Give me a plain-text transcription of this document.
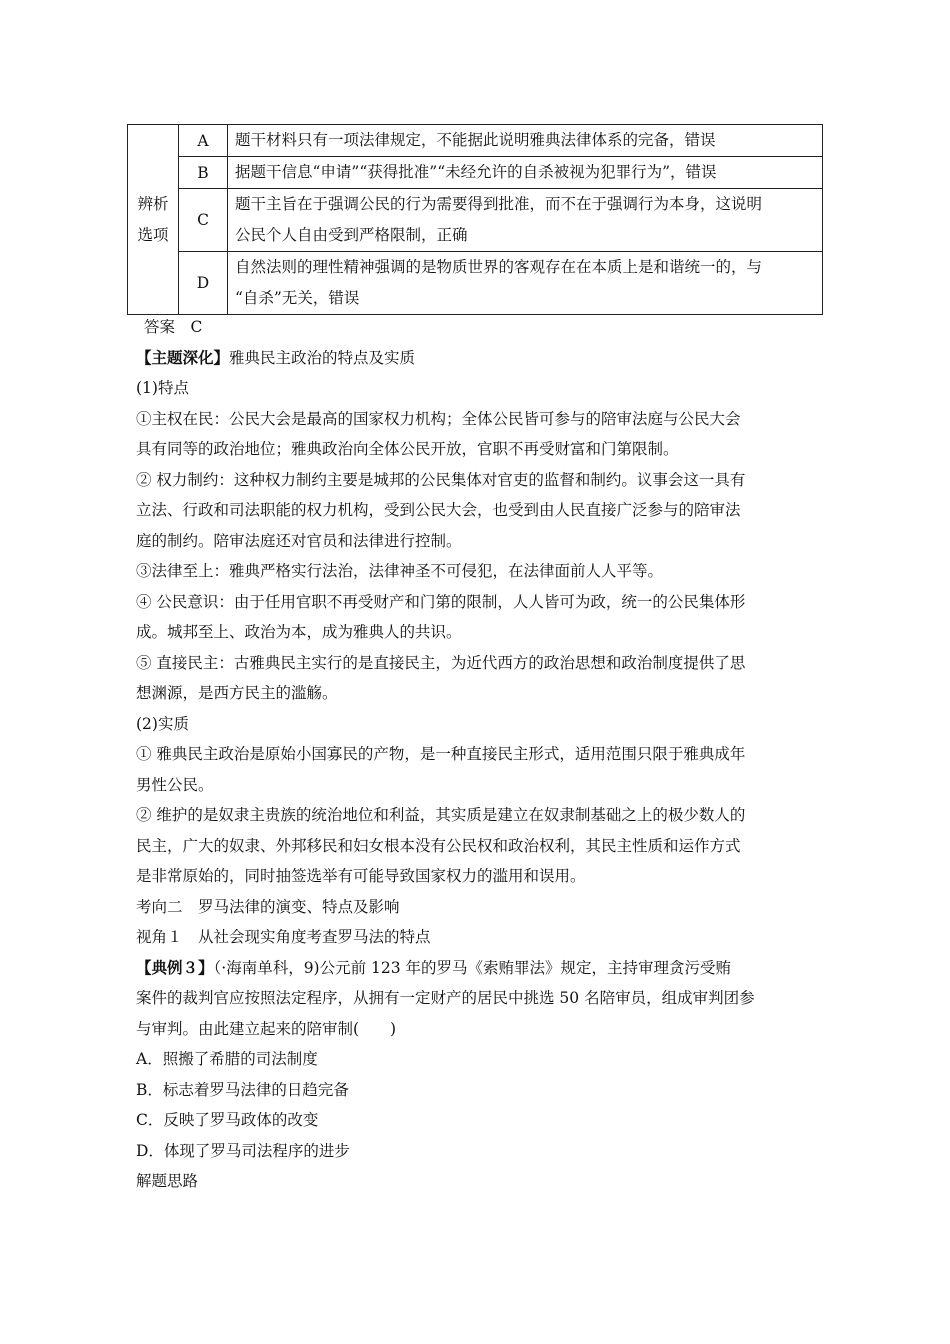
辨析
选项	A	题干材料只有一项法律规定，不能据此说明雅典法律体系的完备，错误

	B	据题干信息“申请”“获得批准”“未经允许的自杀被视为犯罪行为”，错误

	C	题干主旨在于强调公民的行为需要得到批准，而不在于强调行为本身，这说明
公民个人自由受到严格限制，正确

	D	自然法则的理性精神强调的是物质世界的客观存在在本质上是和谐统一的，与
“自杀”无关，错误

答案　C

【主题深化】雅典民主政治的特点及实质

(1)特点

①主权在民：公民大会是最高的国家权力机构；全体公民皆可参与的陪审法庭与公民大会

具有同等的政治地位；雅典政治向全体公民开放，官职不再受财富和门第限制。

② 权力制约：这种权力制约主要是城邦的公民集体对官吏的监督和制约。议事会这一具有

立法、行政和司法职能的权力机构，受到公民大会，也受到由人民直接广泛参与的陪审法

庭的制约。陪审法庭还对官员和法律进行控制。

③法律至上：雅典严格实行法治，法律神圣不可侵犯，在法律面前人人平等。

④ 公民意识：由于任用官职不再受财产和门第的限制，人人皆可为政，统一的公民集体形

成。城邦至上、政治为本，成为雅典人的共识。

⑤ 直接民主：古雅典民主实行的是直接民主，为近代西方的政治思想和政治制度提供了思

想渊源，是西方民主的滥觞。

(2)实质

① 雅典民主政治是原始小国寡民的产物，是一种直接民主形式，适用范围只限于雅典成年

男性公民。

② 维护的是奴隶主贵族的统治地位和利益，其实质是建立在奴隶制基础之上的极少数人的

民主，广大的奴隶、外邦移民和妇女根本没有公民权和政治权利，其民主性质和运作方式

是非常原始的，同时抽签选举有可能导致国家权力的滥用和误用。

考向二　罗马法律的演变、特点及影响

视角１　从社会现实角度考查罗马法的特点

【典例３】（·海南单科，9)公元前 123 年的罗马《索贿罪法》规定，主持审理贪污受贿

案件的裁判官应按照法定程序，从拥有一定财产的居民中挑选 50 名陪审员，组成审判团参

与审判。由此建立起来的陪审制(　　)

A．照搬了希腊的司法制度

B．标志着罗马法律的日趋完备

C．反映了罗马政体的改变

D．体现了罗马司法程序的进步

解题思路
